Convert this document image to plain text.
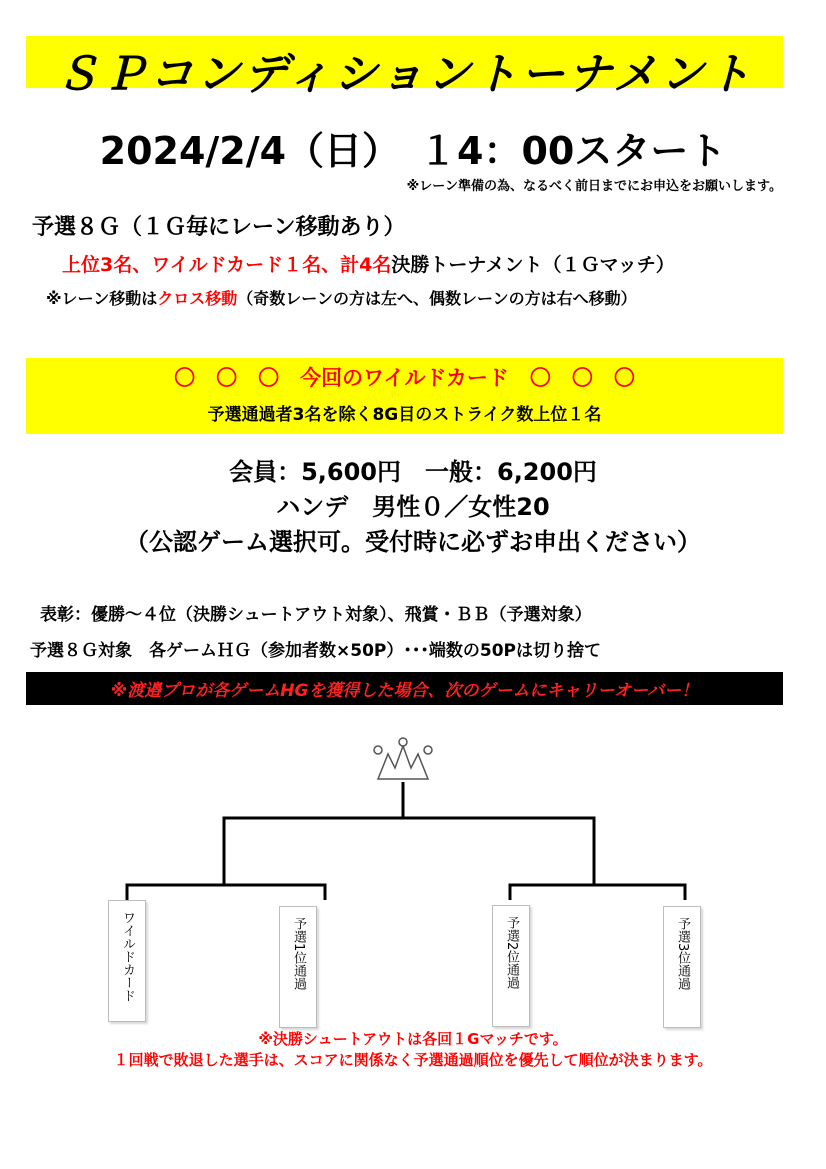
ＳＰコンディショントーナメント
2024/2/4（日）　１4：00スタート
※レーン準備の為、なるべく前日までにお申込をお願いします。
予選８Ｇ（１Ｇ毎にレーン移動あり）
上位3名、ワイルドカード１名、計4名決勝トーナメント（１Ｇマッチ）
※レーン移動はクロス移動（奇数レーンの方は左へ、偶数レーンの方は右へ移動）
〇　〇　〇　今回のワイルドカード　〇　〇　〇
予選通過者3名を除く8G目のストライク数上位１名
会員：5,600円　一般：6,200円
ハンデ　男性０／女性20
（公認ゲーム選択可。受付時に必ずお申出ください）
表彰：優勝～４位（決勝シュートアウト対象）、飛賞・ＢＢ（予選対象）
予選８Ｇ対象　各ゲームＨＧ（参加者数×50P）･･･端数の50Pは切り捨て
※渡邉プロが各ゲームHGを獲得した場合、次のゲームにキャリーオーバー！
ワイルドカード	予選1位通過	予選2位通過	予選3位通過
※決勝シュートアウトは各回１Gマッチです。
１回戦で敗退した選手は、スコアに関係なく予選通過順位を優先して順位が決まります。
